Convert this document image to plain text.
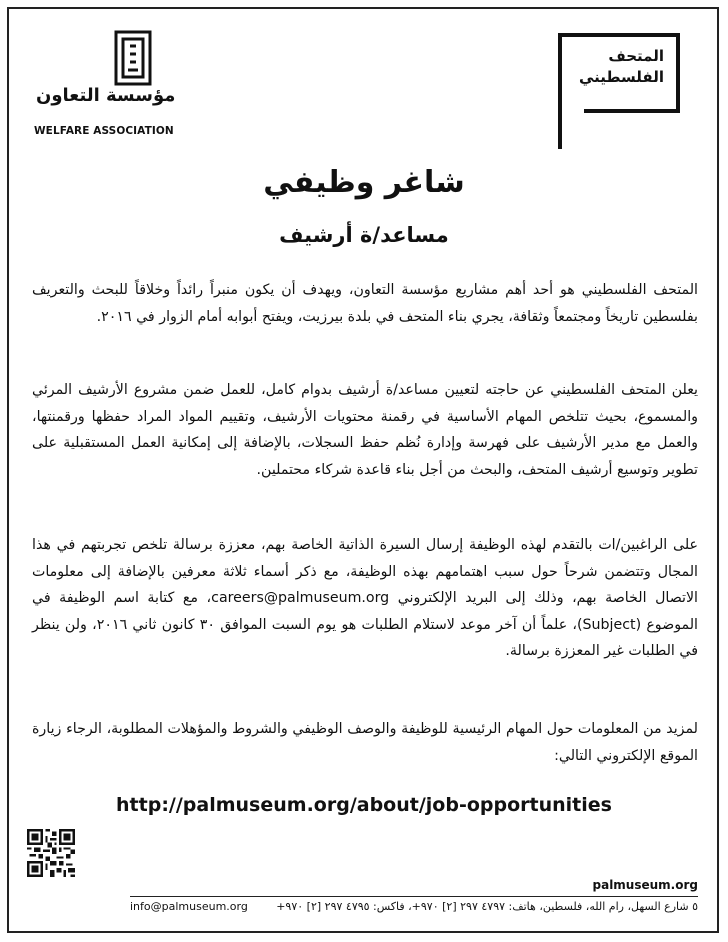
المتحف
الفلسطيني
مؤسسة التعاون
WELFARE ASSOCIATION
شاغر وظيفي
مساعد/ة أرشيف

المتحف الفلسطيني هو أحد أهم مشاريع مؤسسة التعاون، ويهدف أن يكون منبراً رائداً وخلاقاً للبحث والتعريف بفلسطين تاريخاً ومجتمعاً وثقافة، يجري بناء المتحف في بلدة بيرزيت، ويفتح أبوابه أمام الزوار في ٢٠١٦.

يعلن المتحف الفلسطيني عن حاجته لتعيين مساعد/ة أرشيف بدوام كامل، للعمل ضمن مشروع الأرشيف المرئي والمسموع، بحيث تتلخص المهام الأساسية في رقمنة محتويات الأرشيف، وتقييم المواد المراد حفظها ورقمنتها، والعمل مع مدير الأرشيف على فهرسة وإدارة نُظم حفظ السجلات، بالإضافة إلى إمكانية العمل المستقبلية على تطوير وتوسيع أرشيف المتحف، والبحث من أجل بناء قاعدة شركاء محتملين.

على الراغبين/ات بالتقدم لهذه الوظيفة إرسال السيرة الذاتية الخاصة بهم، معززة برسالة تلخص تجربتهم في هذا المجال وتتضمن شرحاً حول سبب اهتمامهم بهذه الوظيفة، مع ذكر أسماء ثلاثة معرفين بالإضافة إلى معلومات الاتصال الخاصة بهم، وذلك إلى البريد الإلكتروني careers@palmuseum.org، مع كتابة اسم الوظيفة في الموضوع (Subject)، علماً أن آخر موعد لاستلام الطلبات هو يوم السبت الموافق ٣٠ كانون ثاني ٢٠١٦، ولن ينظر في الطلبات غير المعززة برسالة.

لمزيد من المعلومات حول المهام الرئيسية للوظيفة والوصف الوظيفي والشروط والمؤهلات المطلوبة، الرجاء زيارة الموقع الإلكتروني التالي:

http://palmuseum.org/about/job-opportunities
palmuseum.org
٥ شارع السهل، رام الله، فلسطين، هاتف: ٤٧٩٧ ٢٩٧ [٢] ٩٧٠+، فاكس: ٤٧٩٥ ٢٩٧ [٢] ٩٧٠+
info@palmuseum.org
